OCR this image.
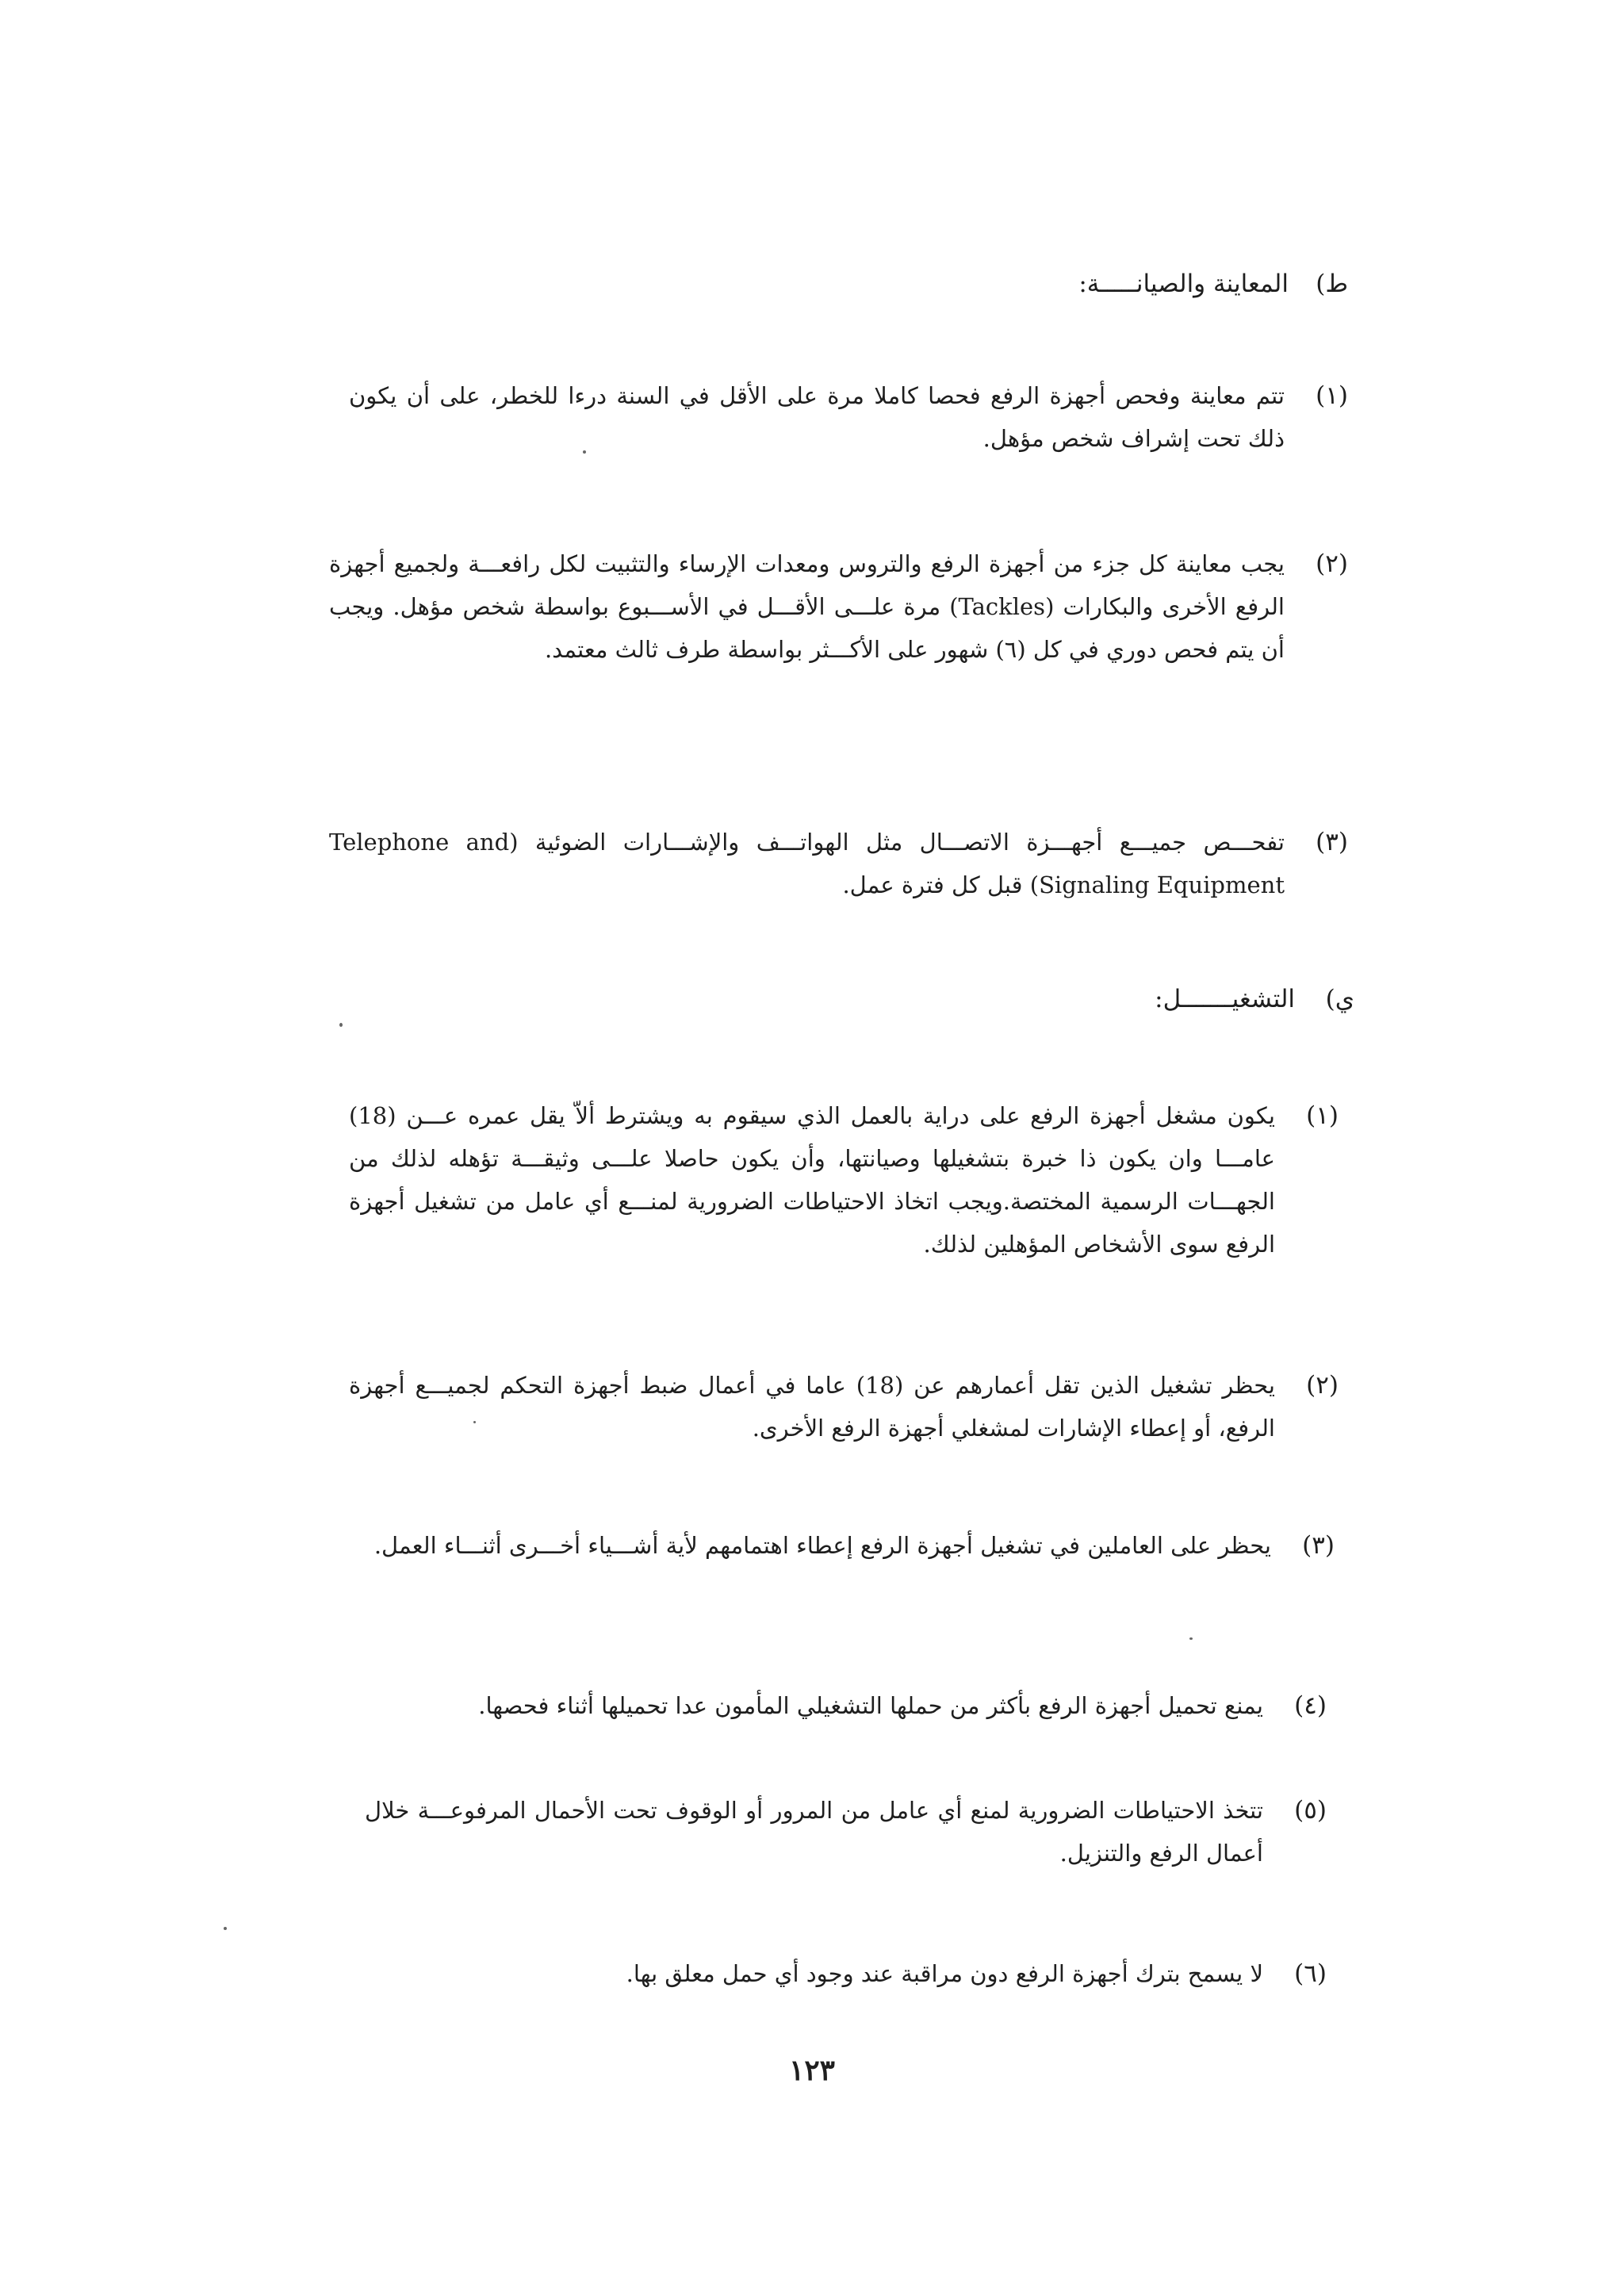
ط)
المعاينة والصيانـــــة:
(١)
تتم معاينة وفحص أجهزة الرفع فحصا كاملا مرة على الأقل في السنة درءا للخطر، على أن يكون ذلك تحت إشراف شخص مؤهل.
(٢)
يجب معاينة كل جزء من أجهزة الرفع والتروس ومعدات الإرساء والتثبيت لكل رافعـــة ولجميع أجهزة الرفع الأخرى والبكارات (Tackles) مرة علـــى الأقـــل في الأســـبوع بواسطة شخص مؤهل. ويجب أن يتم فحص دوري في كل (٦) شهور على الأكـــثر بواسطة طرف ثالث معتمد.
(٣)
تفحـــص جميـــع أجهـــزة الاتصـــال مثل الهواتـــف والإشـــارات الضوئية (Telephone and Signaling Equipment) قبل كل فترة عمل.
ي)
التشغيـــــــل:
(١)
يكون مشغل أجهزة الرفع على دراية بالعمل الذي سيقوم به ويشترط ألاّ يقل عمره عـــن (18) عامـــا وان يكون ذا خبرة بتشغيلها وصيانتها، وأن يكون حاصلا علـــى وثيقـــة تؤهله لذلك من الجهـــات الرسمية المختصة.ويجب اتخاذ الاحتياطات الضرورية لمنـــع أي عامل من تشغيل أجهزة الرفع سوى الأشخاص المؤهلين لذلك.
(٢)
يحظر تشغيل الذين تقل أعمارهم عن (18) عاما في أعمال ضبط أجهزة التحكم لجميـــع أجهزة الرفع، أو إعطاء الإشارات لمشغلي أجهزة الرفع الأخرى.
(٣)
يحظر على العاملين في تشغيل أجهزة الرفع إعطاء اهتمامهم لأية أشـــياء أخـــرى أثنـــاء العمل.
(٤)
يمنع تحميل أجهزة الرفع بأكثر من حملها التشغيلي المأمون عدا تحميلها أثناء فحصها.
(٥)
تتخذ الاحتياطات الضرورية لمنع أي عامل من المرور أو الوقوف تحت الأحمال المرفوعـــة خلال أعمال الرفع والتنزيل.
(٦)
لا يسمح بترك أجهزة الرفع دون مراقبة عند وجود أي حمل معلق بها.
١٢٣
